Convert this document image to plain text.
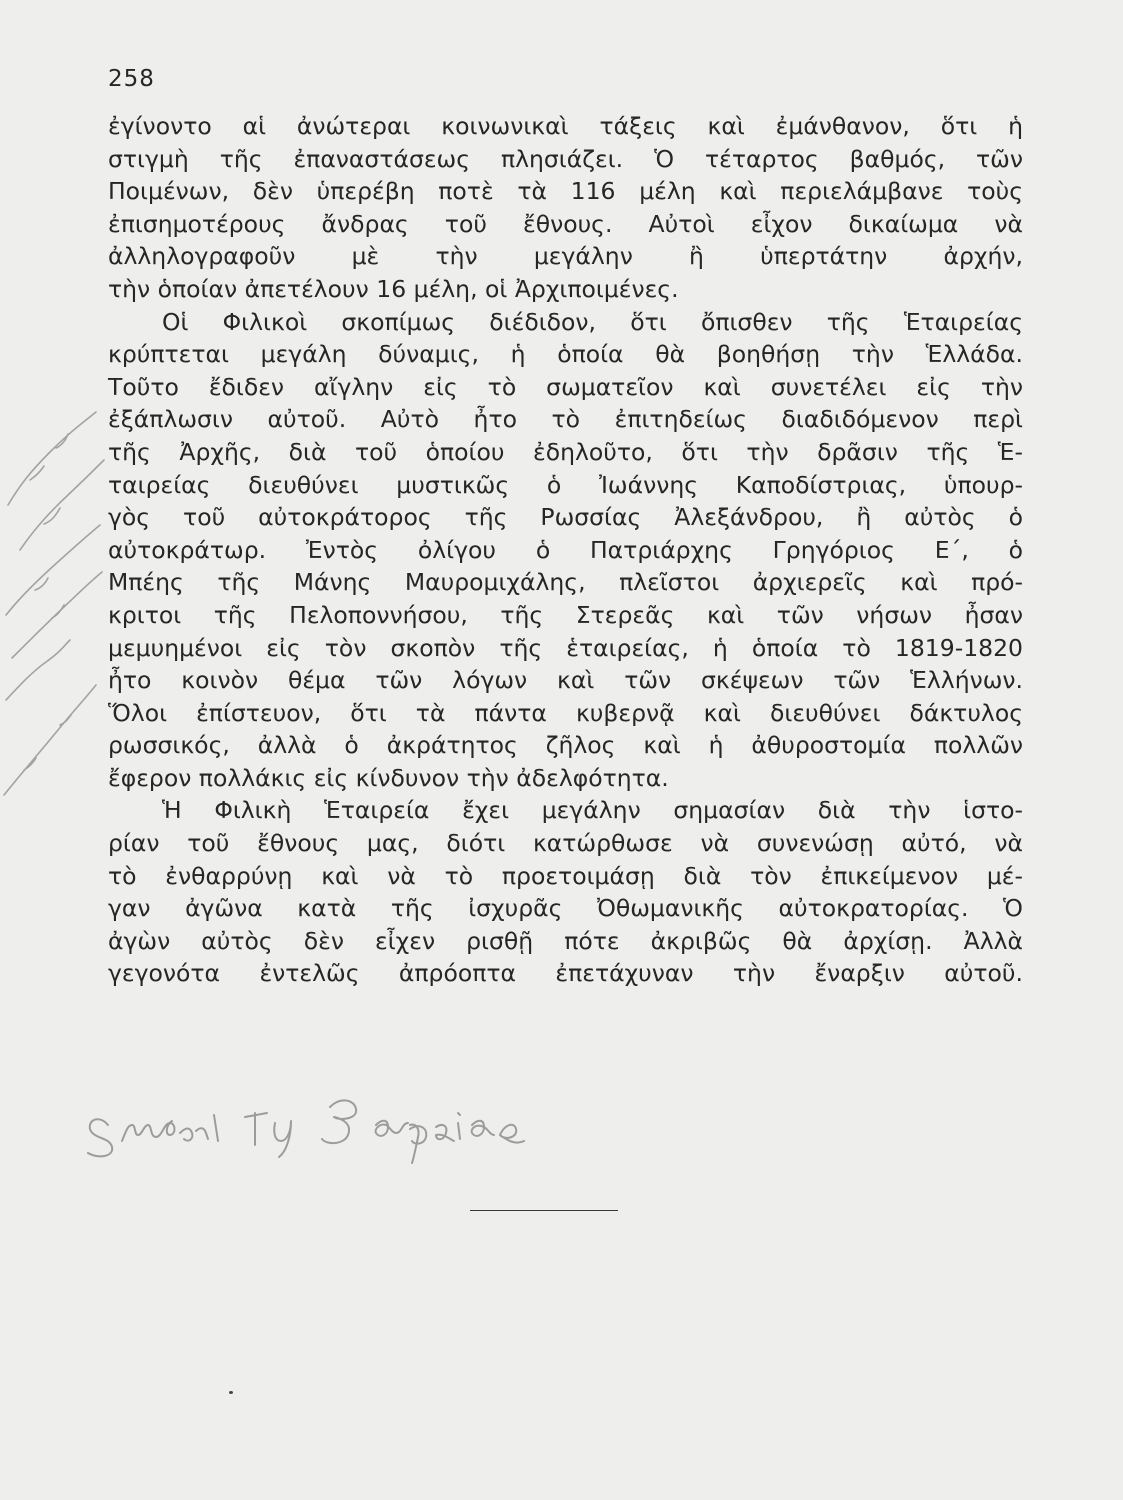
258
ἐγίνοντο αἱ ἀνώτεραι κοινωνικαὶ τάξεις καὶ ἐμάνθανον, ὅτι ἡ
στιγμὴ τῆς ἐπαναστάσεως πλησιάζει. Ὁ τέταρτος βαθμός, τῶν
Ποιμένων, δὲν ὑπερέβη ποτὲ τὰ 116 μέλη καὶ περιελάμβανε τοὺς
ἐπισημοτέρους ἄνδρας τοῦ ἔθνους. Αὐτοὶ εἶχον δικαίωμα νὰ
ἀλληλογραφοῦν μὲ τὴν μεγάλην ἢ ὑπερτάτην ἀρχήν,
τὴν ὁποίαν ἀπετέλουν 16 μέλη, οἱ Ἀρχιποιμένες.
Οἱ Φιλικοὶ σκοπίμως διέδιδον, ὅτι ὄπισθεν τῆς Ἑταιρείας
κρύπτεται μεγάλη δύναμις, ἡ ὁποία θὰ βοηθήσῃ τὴν Ἑλλάδα.
Τοῦτο ἔδιδεν αἴγλην εἰς τὸ σωματεῖον καὶ συνετέλει εἰς τὴν
ἐξάπλωσιν αὐτοῦ. Αὐτὸ ἦτο τὸ ἐπιτηδείως διαδιδόμενον περὶ
τῆς Ἀρχῆς, διὰ τοῦ ὁποίου ἐδηλοῦτο, ὅτι τὴν δρᾶσιν τῆς Ἑ-
ταιρείας διευθύνει μυστικῶς ὁ Ἰωάννης Καποδίστριας, ὑπουρ-
γὸς τοῦ αὐτοκράτορος τῆς Ρωσσίας Ἀλεξάνδρου, ἢ αὐτὸς ὁ
αὐτοκράτωρ. Ἐντὸς ὀλίγου ὁ Πατριάρχης Γρηγόριος Ε΄, ὁ
Μπέης τῆς Μάνης Μαυρομιχάλης, πλεῖστοι ἀρχιερεῖς καὶ πρό-
κριτοι τῆς Πελοποννήσου, τῆς Στερεᾶς καὶ τῶν νήσων ἦσαν
μεμυημένοι εἰς τὸν σκοπὸν τῆς ἑταιρείας, ἡ ὁποία τὸ 1819-1820
ἦτο κοινὸν θέμα τῶν λόγων καὶ τῶν σκέψεων τῶν Ἑλλήνων.
Ὅλοι ἐπίστευον, ὅτι τὰ πάντα κυβερνᾷ καὶ διευθύνει δάκτυλος
ρωσσικός, ἀλλὰ ὁ ἀκράτητος ζῆλος καὶ ἡ ἀθυροστομία πολλῶν
ἔφερον πολλάκις εἰς κίνδυνον τὴν ἀδελφότητα.
Ἡ Φιλικὴ Ἑταιρεία ἔχει μεγάλην σημασίαν διὰ τὴν ἱστο-
ρίαν τοῦ ἔθνους μας, διότι κατώρθωσε νὰ συνενώσῃ αὐτό, νὰ
τὸ ἐνθαρρύνῃ καὶ νὰ τὸ προετοιμάσῃ διὰ τὸν ἐπικείμενον μέ-
γαν ἀγῶνα κατὰ τῆς ἰσχυρᾶς Ὀθωμανικῆς αὐτοκρατορίας. Ὁ
ἀγὼν αὐτὸς δὲν εἶχεν ρισθῇ πότε ἀκριβῶς θὰ ἀρχίσῃ. Ἀλλὰ
γεγονότα ἐντελῶς ἀπρόοπτα ἐπετάχυναν τὴν ἔναρξιν αὐτοῦ.
